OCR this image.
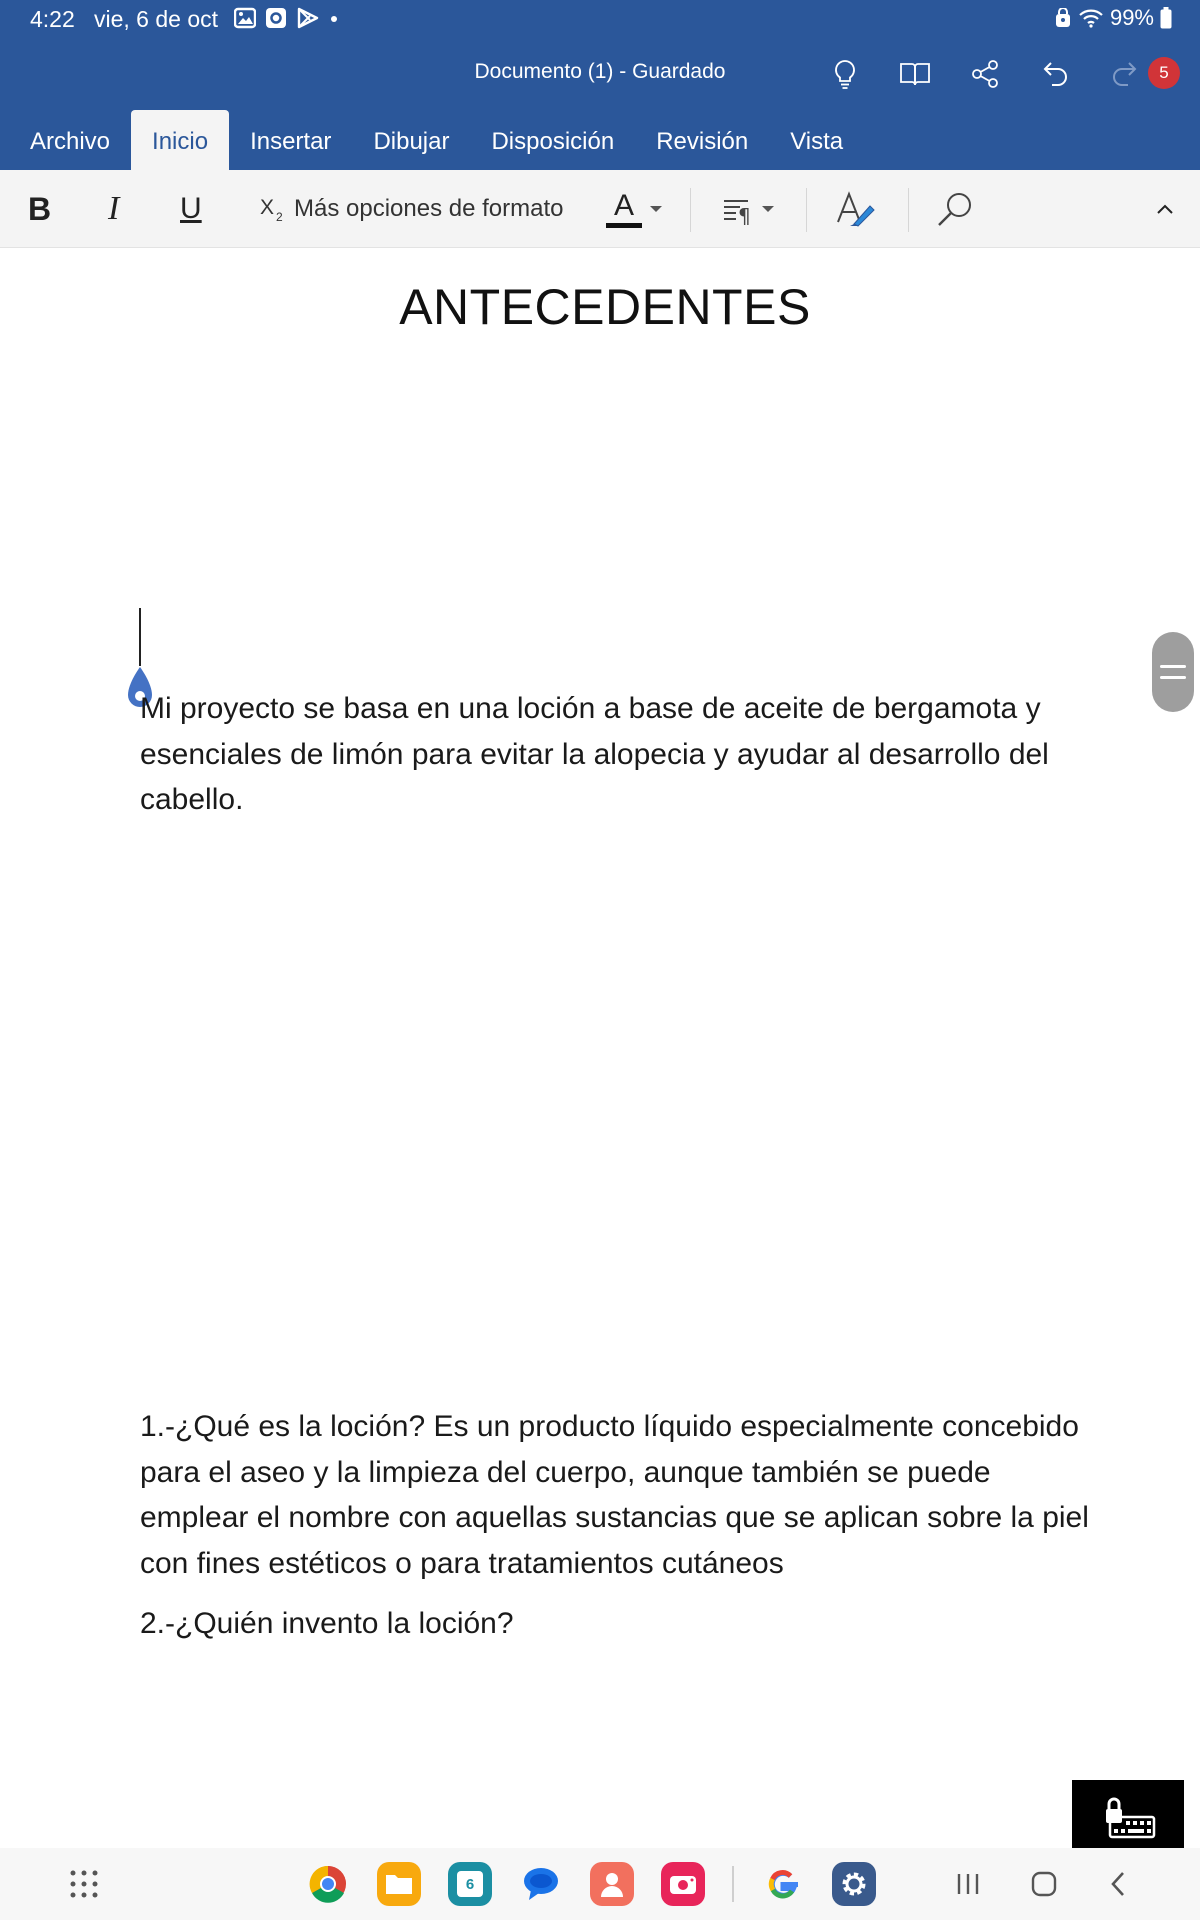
4:22 vie, 6 de oct	99%
Documento (1) - Guardado	5
Archivo	Inicio	Insertar	Dibujar	Disposición	Revisión	Vista
B I U	X 2 Más opciones de formato A	¶
ANTECEDENTES
Mi proyecto se basa en una loción a base de aceite de bergamota y esenciales de limón para evitar la alopecia y ayudar al desarrollo del cabello.
1.-¿Qué es la loción? Es un producto líquido especialmente concebido para el aseo y la limpieza del cuerpo, aunque también se puede emplear el nombre con aquellas sustancias que se aplican sobre la piel con fines estéticos o para tratamientos cutáneos
2.-¿Quién invento la loción?
6
